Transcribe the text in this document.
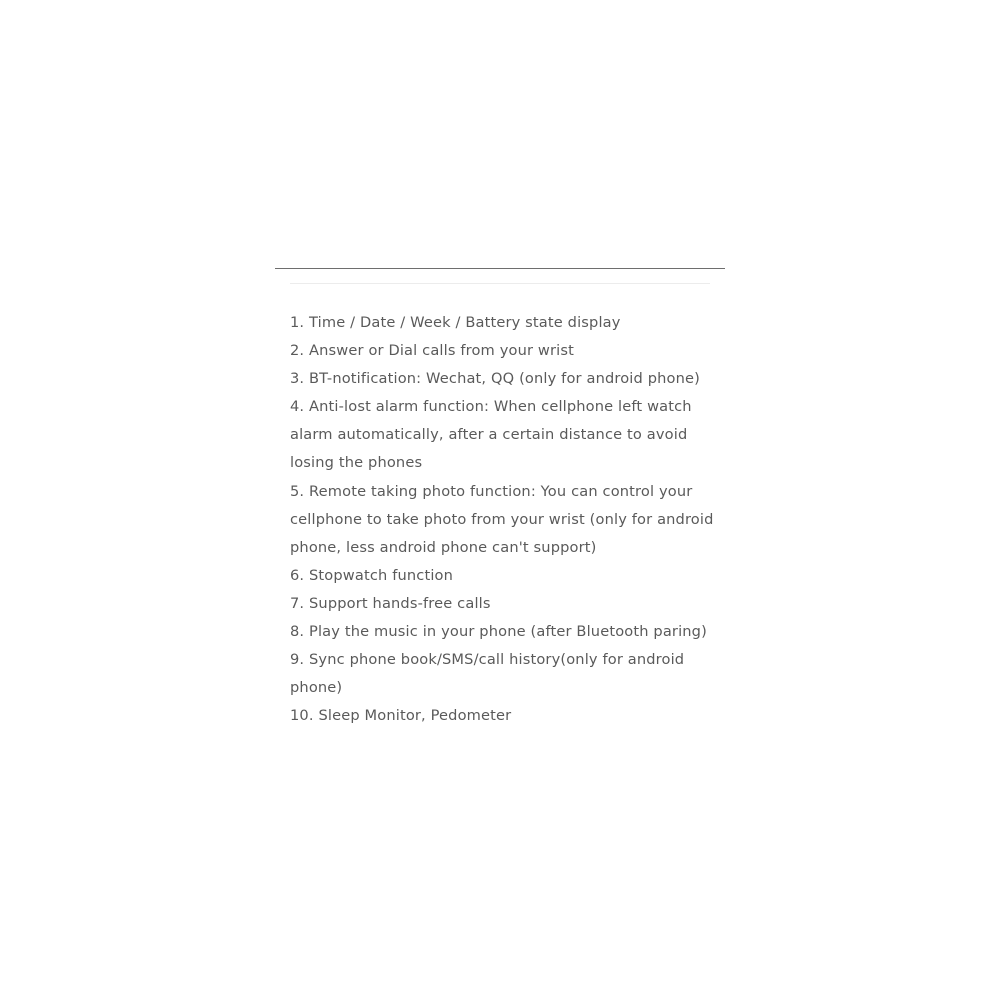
1. Time / Date / Week / Battery state display
2. Answer or Dial calls from your wrist
3. BT-notification: Wechat, QQ (only for android phone)
4. Anti-lost alarm function: When cellphone left watch alarm automatically, after a certain distance to avoid losing the phones
5. Remote taking photo function: You can control your cellphone to take photo from your wrist (only for android phone, less android phone can't support)
6. Stopwatch function
7. Support hands-free calls
8. Play the music in your phone (after Bluetooth paring)
9. Sync phone book/SMS/call history(only for android phone)
10. Sleep Monitor, Pedometer
